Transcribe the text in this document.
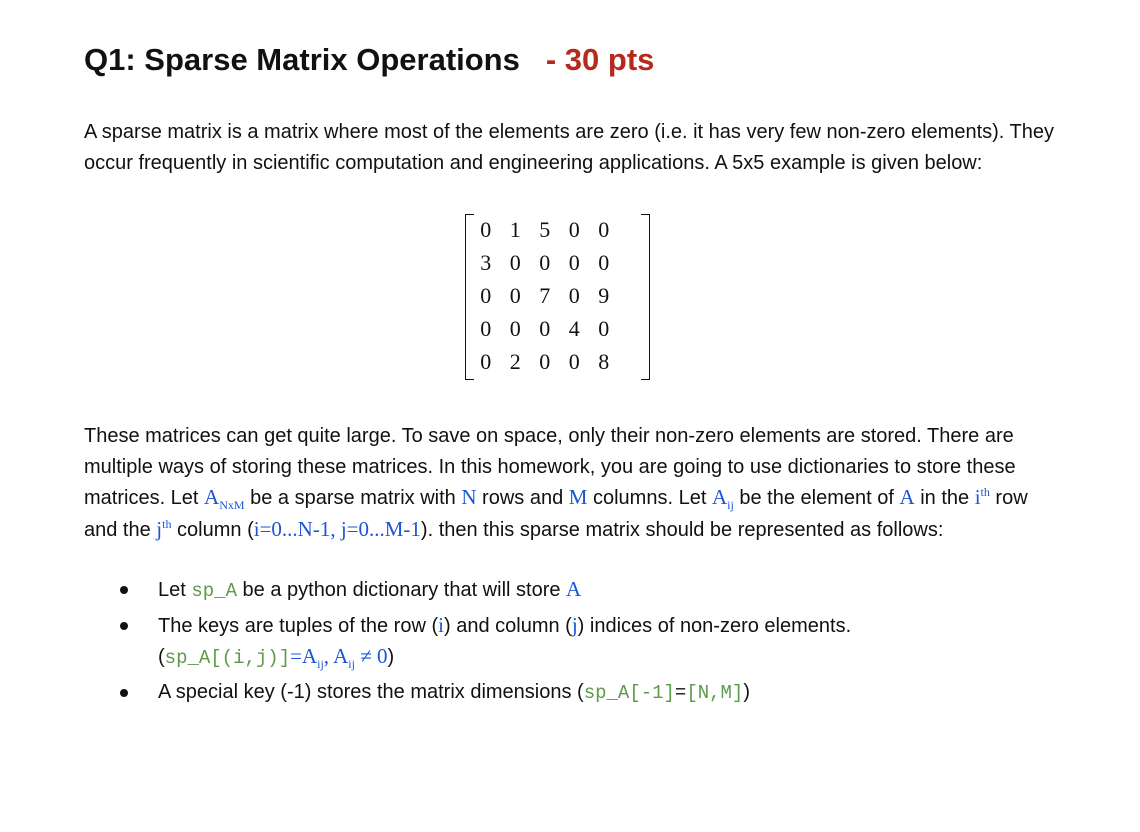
Q1: Sparse Matrix Operations - 30 pts
A sparse matrix is a matrix where most of the elements are zero (i.e. it has very few non-zero elements). They occur frequently in scientific computation and engineering applications. A 5x5 example is given below:
0	1	5	0	0
3	0	0	0	0
0	0	7	0	9
0	0	0	4	0
0	2	0	0	8
These matrices can get quite large. To save on space, only their non-zero elements are stored. There are multiple ways of storing these matrices. In this homework, you are going to use dictionaries to store these matrices. Let $A_{NxM}$ be a sparse matrix with N rows and M columns. Let $A_{ij}$ be the element of A in the $i^{th}$ row and the $j^{th}$ column (i=0...N-1, j=0...M-1). then this sparse matrix should be represented as follows:
Let sp_A be a python dictionary that will store A
The keys are tuples of the row (i) and column (j) indices of non-zero elements.
($sp\_A[(i,j)]=A_{ij}$, $A_{ij} \ne 0$)
A special key (-1) stores the matrix dimensions (sp_A[-1]=[N,M])
